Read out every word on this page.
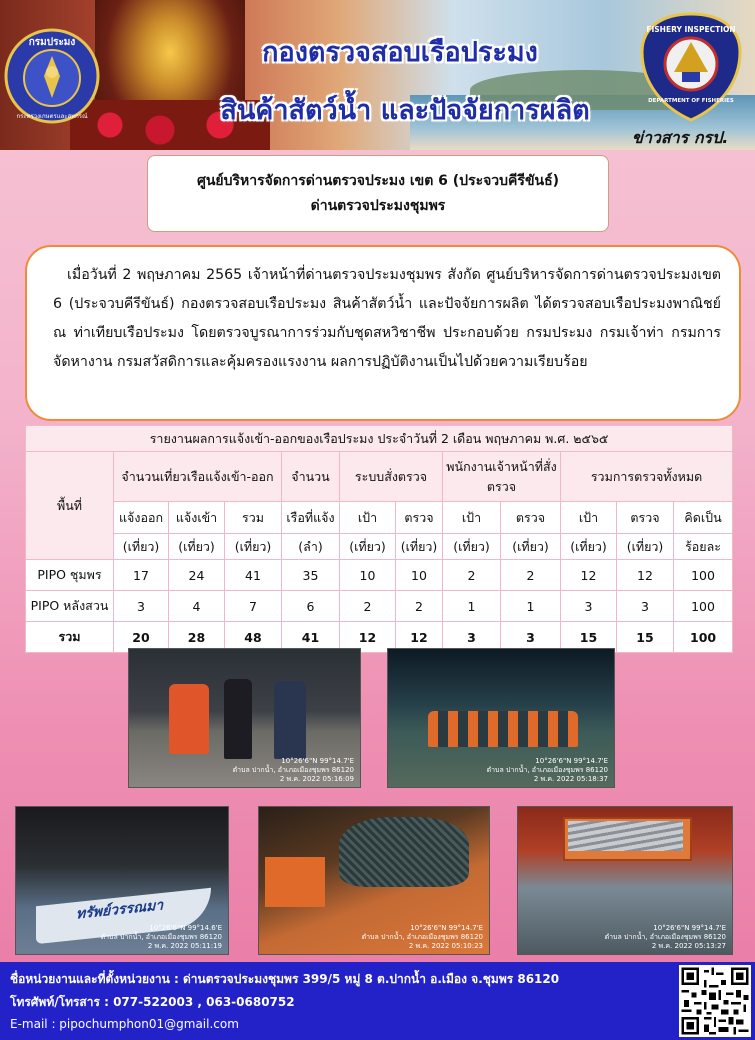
กรมประมง
กระทรวงเกษตรและสหกรณ์
กองตรวจสอบเรือประมง
สินค้าสัตว์น้ำ และปัจจัยการผลิต
FISHERY INSPECTION
DEPARTMENT OF FISHERIES
ข่าวสาร กรป.
ศูนย์บริหารจัดการด่านตรวจประมง เขต 6 (ประจวบคีรีขันธ์)
ด่านตรวจประมงชุมพร

เมื่อวันที่ 2 พฤษภาคม 2565 เจ้าหน้าที่ด่านตรวจประมงชุมพร สังกัด ศูนย์บริหารจัดการด่านตรวจประมงเขต 6 (ประจวบคีรีขันธ์) กองตรวจสอบเรือประมง สินค้าสัตว์น้ำ และปัจจัยการผลิต ได้ตรวจสอบเรือประมงพาณิชย์ ณ ท่าเทียบเรือประมง โดยตรวจบูรณาการร่วมกับชุดสหวิชาชีพ ประกอบด้วย กรมประมง กรมเจ้าท่า กรมการจัดหางาน กรมสวัสดิการและคุ้มครองแรงงาน ผลการปฏิบัติงานเป็นไปด้วยความเรียบร้อย

รายงานผลการแจ้งเข้า-ออกของเรือประมง ประจำวันที่ 2 เดือน พฤษภาคม พ.ศ. ๒๕๖๕											
พื้นที่	จำนวนเที่ยวเรือแจ้งเข้า-ออก			จำนวน	ระบบสั่งตรวจ		พนักงานเจ้าหน้าที่สั่งตรวจ		รวมการตรวจทั้งหมด		
	แจ้งออก	แจ้งเข้า	รวม	เรือที่แจ้ง	เป้า	ตรวจ	เป้า	ตรวจ	เป้า	ตรวจ	คิดเป็น
	(เที่ยว)	(เที่ยว)	(เที่ยว)	(ลำ)	(เที่ยว)	(เที่ยว)	(เที่ยว)	(เที่ยว)	(เที่ยว)	(เที่ยว)	ร้อยละ
PIPO ชุมพร	17	24	41	35	10	10	2	2	12	12	100
PIPO หลังสวน	3	4	7	6	2	2	1	1	3	3	100
รวม	20	28	48	41	12	12	3	3	15	15	100
10°26'6"N 99°14.7'E
ตำบล ปากน้ำ, อำเภอเมืองชุมพร 86120
2 พ.ค. 2022 05:16:09
10°26'6"N 99°14.7'E
ตำบล ปากน้ำ, อำเภอเมืองชุมพร 86120
2 พ.ค. 2022 05:18:37
ทรัพย์วรรณมา
10°26'6"N 99°14.6'E
ตำบล ปากน้ำ, อำเภอเมืองชุมพร 86120
2 พ.ค. 2022 05:11:19
10°26'6"N 99°14.7'E
ตำบล ปากน้ำ, อำเภอเมืองชุมพร 86120
2 พ.ค. 2022 05:10:23
10°26'6"N 99°14.7'E
ตำบล ปากน้ำ, อำเภอเมืองชุมพร 86120
2 พ.ค. 2022 05:13:27
ชื่อหน่วยงานและที่ตั้งหน่วยงาน : ด่านตรวจประมงชุมพร 399/5 หมู่ 8 ต.ปากน้ำ อ.เมือง จ.ชุมพร 86120
โทรศัพท์/โทรสาร : 077-522003 , 063-0680752
E-mail : pipochumphon01@gmail.com
